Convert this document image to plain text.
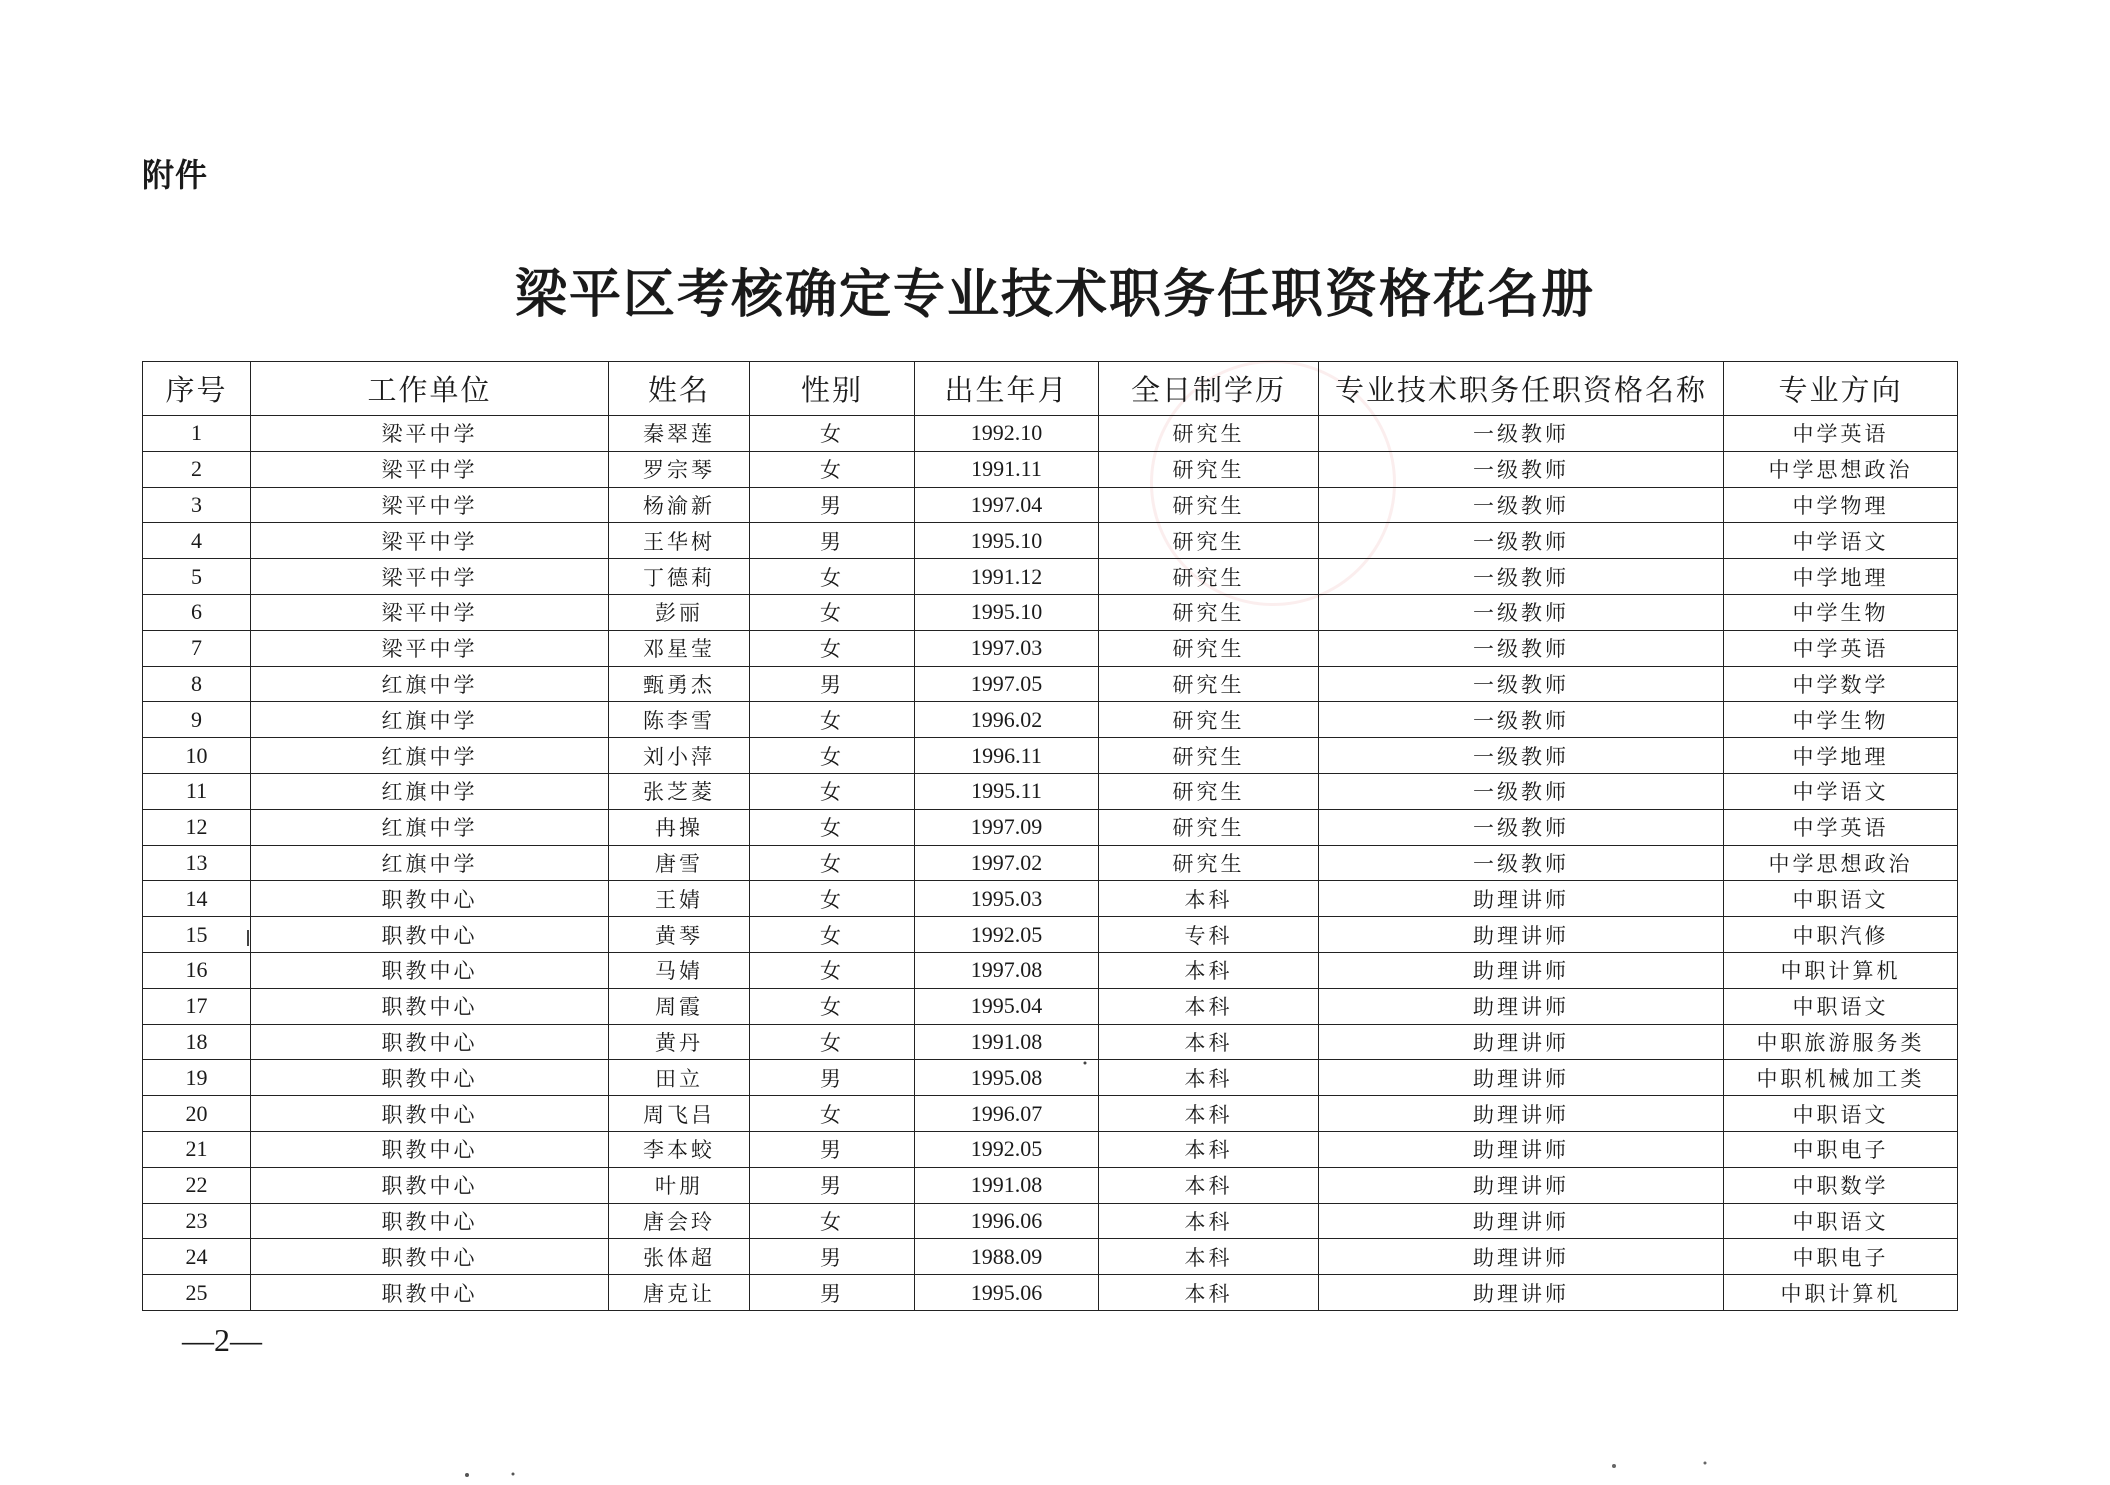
附件
梁平区考核确定专业技术职务任职资格花名册
序号	工作单位	姓名	性别	出生年月	全日制学历	专业技术职务任职资格名称	专业方向
1	梁平中学	秦翠莲	女	1992.10	研究生	一级教师	中学英语
2	梁平中学	罗宗琴	女	1991.11	研究生	一级教师	中学思想政治
3	梁平中学	杨渝新	男	1997.04	研究生	一级教师	中学物理
4	梁平中学	王华树	男	1995.10	研究生	一级教师	中学语文
5	梁平中学	丁德莉	女	1991.12	研究生	一级教师	中学地理
6	梁平中学	彭丽	女	1995.10	研究生	一级教师	中学生物
7	梁平中学	邓星莹	女	1997.03	研究生	一级教师	中学英语
8	红旗中学	甄勇杰	男	1997.05	研究生	一级教师	中学数学
9	红旗中学	陈李雪	女	1996.02	研究生	一级教师	中学生物
10	红旗中学	刘小萍	女	1996.11	研究生	一级教师	中学地理
11	红旗中学	张芝菱	女	1995.11	研究生	一级教师	中学语文
12	红旗中学	冉操	女	1997.09	研究生	一级教师	中学英语
13	红旗中学	唐雪	女	1997.02	研究生	一级教师	中学思想政治
14	职教中心	王婧	女	1995.03	本科	助理讲师	中职语文
15	职教中心	黄琴	女	1992.05	专科	助理讲师	中职汽修
16	职教中心	马婧	女	1997.08	本科	助理讲师	中职计算机
17	职教中心	周霞	女	1995.04	本科	助理讲师	中职语文
18	职教中心	黄丹	女	1991.08	本科	助理讲师	中职旅游服务类
19	职教中心	田立	男	1995.08	本科	助理讲师	中职机械加工类
20	职教中心	周飞吕	女	1996.07	本科	助理讲师	中职语文
21	职教中心	李本蛟	男	1992.05	本科	助理讲师	中职电子
22	职教中心	叶朋	男	1991.08	本科	助理讲师	中职数学
23	职教中心	唐会玲	女	1996.06	本科	助理讲师	中职语文
24	职教中心	张体超	男	1988.09	本科	助理讲师	中职电子
25	职教中心	唐克让	男	1995.06	本科	助理讲师	中职计算机
—2—
